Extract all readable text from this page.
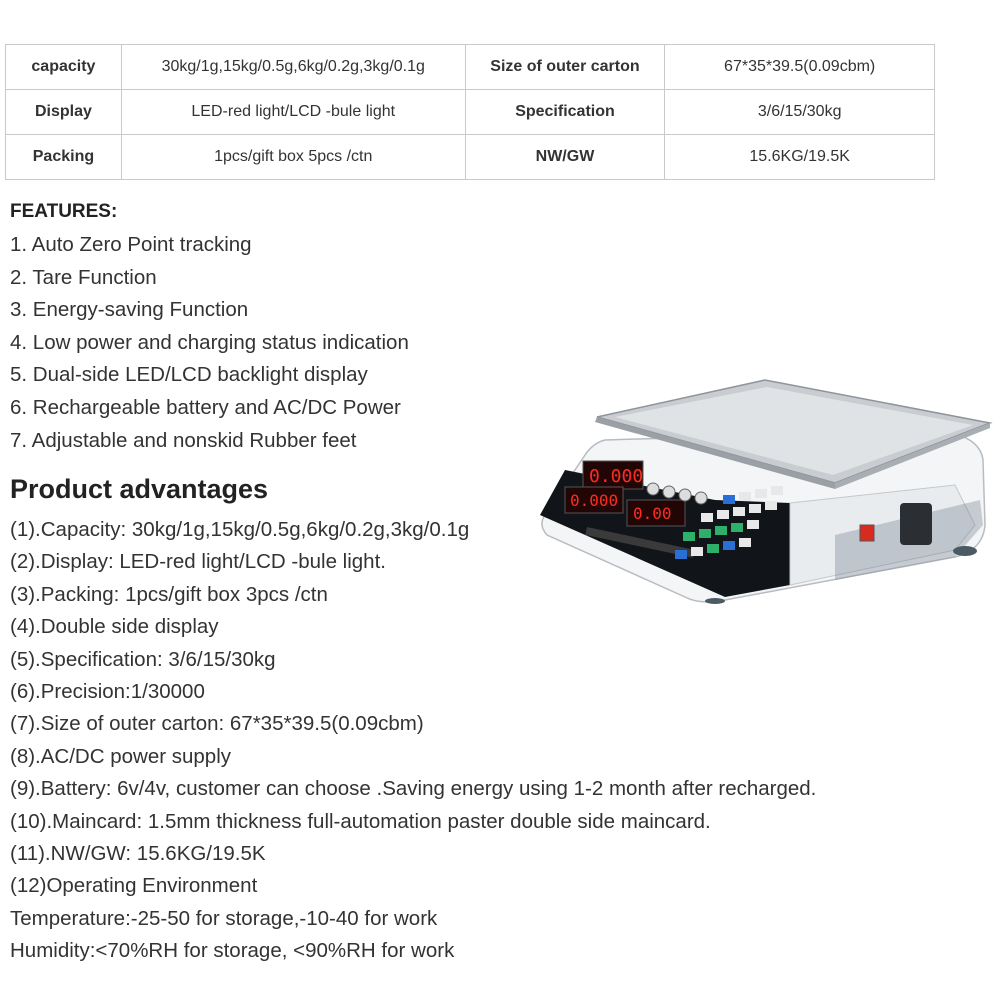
capacity	30kg/1g,15kg/0.5g,6kg/0.2g,3kg/0.1g	Size of outer carton	67*35*39.5(0.09cbm)
Display	LED-red light/LCD -bule light	Specification	3/6/15/30kg
Packing	1pcs/gift box 5pcs /ctn	NW/GW	15.6KG/19.5K
FEATURES:
1. Auto Zero Point tracking
2. Tare Function
3. Energy-saving Function
4. Low power and charging status indication
5. Dual-side LED/LCD backlight display
6. Rechargeable battery and AC/DC Power
7. Adjustable and nonskid Rubber feet
Product advantages
(1).Capacity: 30kg/1g,15kg/0.5g,6kg/0.2g,3kg/0.1g
(2).Display: LED-red light/LCD -bule light.
(3).Packing: 1pcs/gift box 3pcs /ctn
(4).Double side display
(5).Specification: 3/6/15/30kg
(6).Precision:1/30000
(7).Size of outer carton: 67*35*39.5(0.09cbm)
(8).AC/DC power supply
(9).Battery: 6v/4v, customer can choose .Saving energy using 1-2 month after recharged.
(10).Maincard: 1.5mm thickness full-automation paster double side maincard.
(11).NW/GW: 15.6KG/19.5K
(12)Operating Environment
Temperature:-25-50 for storage,-10-40 for work
Humidity:<70%RH for storage, <90%RH for work
0.000
0.000
0.00
